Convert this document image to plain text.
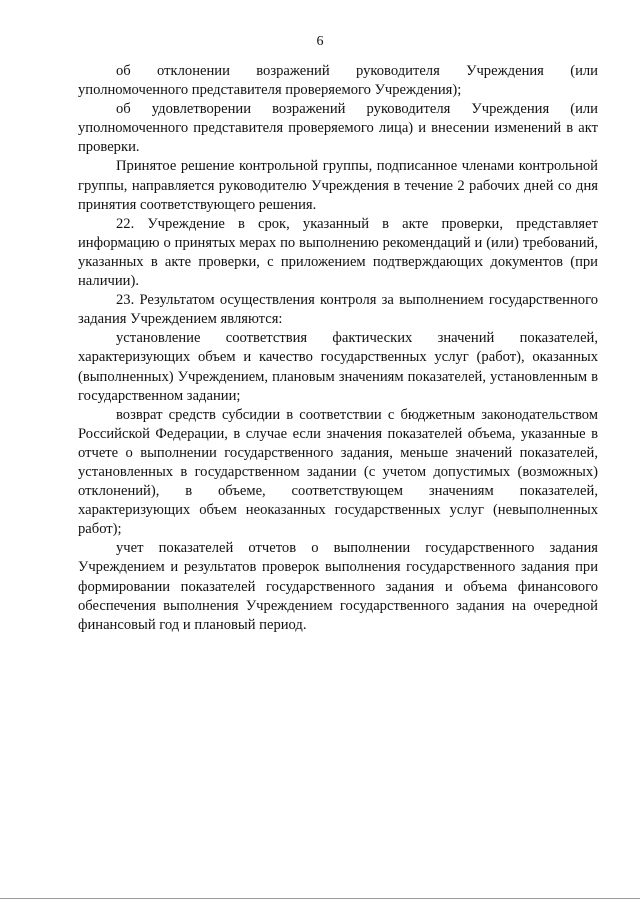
6

об отклонении возражений руководителя Учреждения (или уполномоченного представителя проверяемого Учреждения);

об удовлетворении возражений руководителя Учреждения (или уполномоченного представителя проверяемого лица) и внесении изменений в акт проверки.

Принятое решение контрольной группы, подписанное членами контрольной группы, направляется руководителю Учреждения в течение 2 рабочих дней со дня принятия соответствующего решения.

22. Учреждение в срок, указанный в акте проверки, представляет информацию о принятых мерах по выполнению рекомендаций и (или) требований, указанных в акте проверки, с приложением подтверждающих документов (при наличии).

23. Результатом осуществления контроля за выполнением государственного задания Учреждением являются:

установление соответствия фактических значений показателей, характеризующих объем и качество государственных услуг (работ), оказанных (выполненных) Учреждением, плановым значениям показателей, установленным в государственном задании;

возврат средств субсидии в соответствии с бюджетным законодательством Российской Федерации, в случае если значения показателей объема, указанные в отчете о выполнении государственного задания, меньше значений показателей, установленных в государственном задании (с учетом допустимых (возможных) отклонений), в объеме, соответствующем значениям показателей, характеризующих объем неоказанных государственных услуг (невыполненных работ);

учет показателей отчетов о выполнении государственного задания Учреждением и результатов проверок выполнения государственного задания при формировании показателей государственного задания и объема финансового обеспечения выполнения Учреждением государственного задания на очередной финансовый год и плановый период.
